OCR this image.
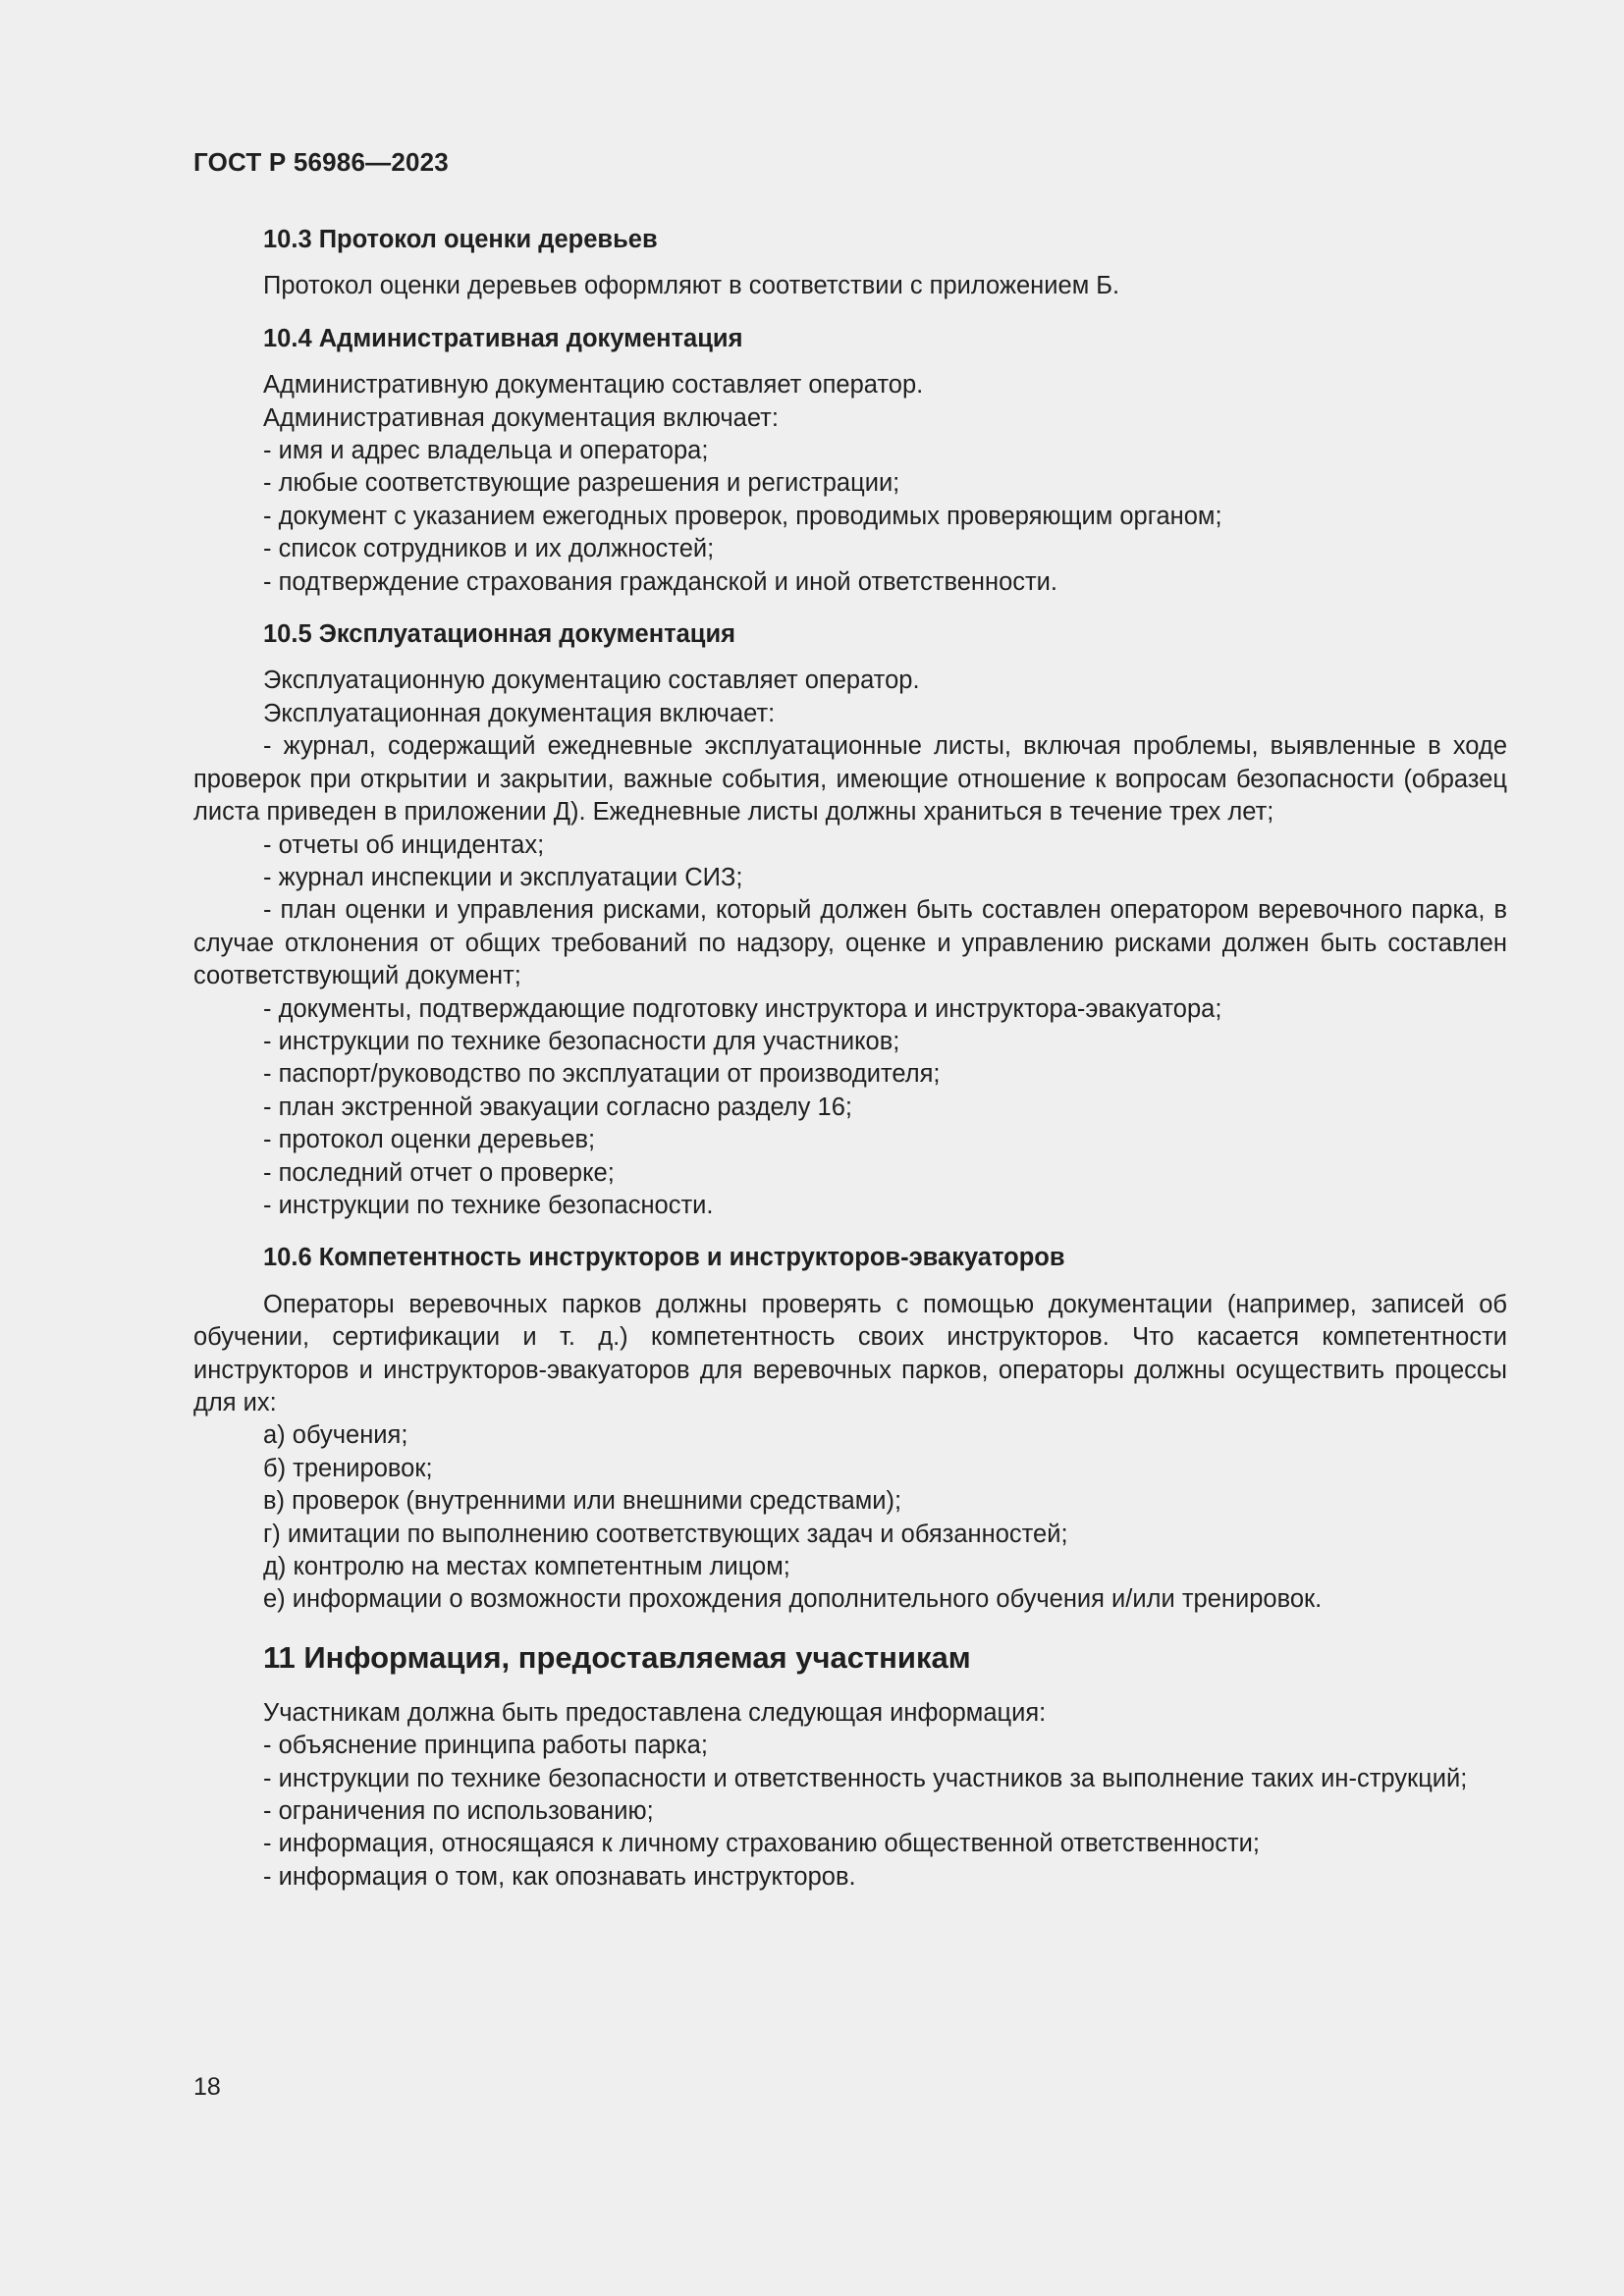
ГОСТ Р 56986—2023
10.3 Протокол оценки деревьев
Протокол оценки деревьев оформляют в соответствии с приложением Б.
10.4 Административная документация
Административную документацию составляет оператор.
Административная документация включает:
- имя и адрес владельца и оператора;
- любые соответствующие разрешения и регистрации;
- документ с указанием ежегодных проверок, проводимых проверяющим органом;
- список сотрудников и их должностей;
- подтверждение страхования гражданской и иной ответственности.
10.5 Эксплуатационная документация
Эксплуатационную документацию составляет оператор.
Эксплуатационная документация включает:
- журнал, содержащий ежедневные эксплуатационные листы, включая проблемы, выявленные в ходе проверок при открытии и закрытии, важные события, имеющие отношение к вопросам безопасности (образец листа приведен в приложении Д). Ежедневные листы должны храниться в течение трех лет;
- отчеты об инцидентах;
- журнал инспекции и эксплуатации СИЗ;
- план оценки и управления рисками, который должен быть составлен оператором веревочного парка, в случае отклонения от общих требований по надзору, оценке и управлению рисками должен быть составлен соответствующий документ;
- документы, подтверждающие подготовку инструктора и инструктора-эвакуатора;
- инструкции по технике безопасности для участников;
- паспорт/руководство по эксплуатации от производителя;
- план экстренной эвакуации согласно разделу 16;
- протокол оценки деревьев;
- последний отчет о проверке;
- инструкции по технике безопасности.
10.6 Компетентность инструкторов и инструкторов-эвакуаторов
Операторы веревочных парков должны проверять с помощью документации (например, записей об обучении, сертификации и т. д.) компетентность своих инструкторов. Что касается компетентности инструкторов и инструкторов-эвакуаторов для веревочных парков, операторы должны осуществить процессы для их:
а) обучения;
б) тренировок;
в) проверок (внутренними или внешними средствами);
г) имитации по выполнению соответствующих задач и обязанностей;
д) контролю на местах компетентным лицом;
е) информации о возможности прохождения дополнительного обучения и/или тренировок.
11 Информация, предоставляемая участникам
Участникам должна быть предоставлена следующая информация:
- объяснение принципа работы парка;
- инструкции по технике безопасности и ответственность участников за выполнение таких ин-струкций;
- ограничения по использованию;
- информация, относящаяся к личному страхованию общественной ответственности;
- информация о том, как опознавать инструкторов.
18
